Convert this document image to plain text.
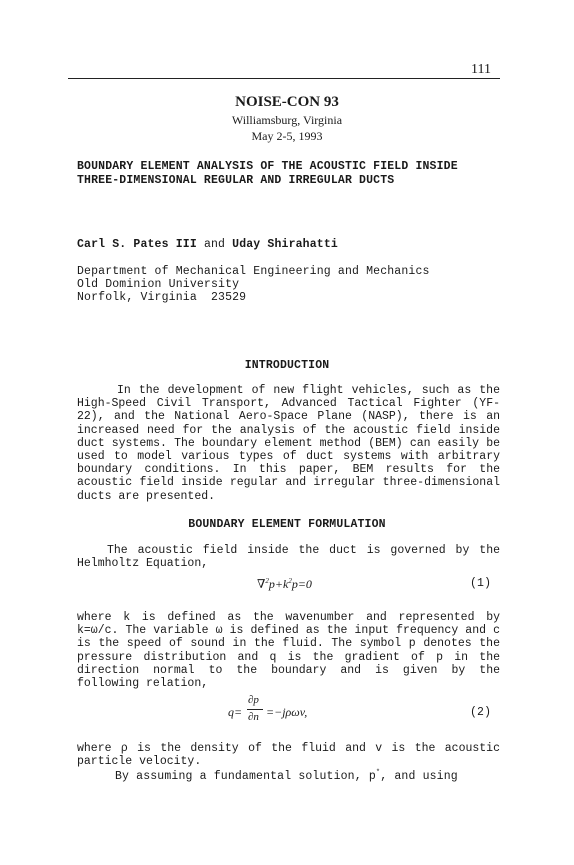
111
NOISE-CON 93
Williamsburg, Virginia
May 2-5, 1993
BOUNDARY ELEMENT ANALYSIS OF THE ACOUSTIC FIELD INSIDE
THREE-DIMENSIONAL REGULAR AND IRREGULAR DUCTS
Carl S. Pates III and Uday Shirahatti
Department of Mechanical Engineering and Mechanics
Old Dominion University
Norfolk, Virginia  23529
INTRODUCTION

In the development of new flight vehicles, such as the High-Speed Civil Transport, Advanced Tactical Fighter (YF-22), and the National Aero-Space Plane (NASP), there is an increased need for the analysis of the acoustic field inside duct systems. The boundary element method (BEM) can easily be used to model various types of duct systems with arbitrary boundary conditions. In this paper, BEM results for the acoustic field inside regular and irregular three-dimensional ducts are presented.

BOUNDARY ELEMENT FORMULATION

The acoustic field inside the duct is governed by the Helmholtz Equation,

$\nabla^2p+k^2p=0$	(1)

where k is defined as the wavenumber and represented by k=ω/c. The variable ω is defined as the input frequency and c is the speed of sound in the fluid. The symbol p denotes the pressure distribution and q is the gradient of p in the direction normal to the boundary and is given by the following relation,

q=
∂p
∂n =−jρωv,	(2)

where ρ is the density of the fluid and v is the acoustic particle velocity.

By assuming a fundamental solution, p*, and using
